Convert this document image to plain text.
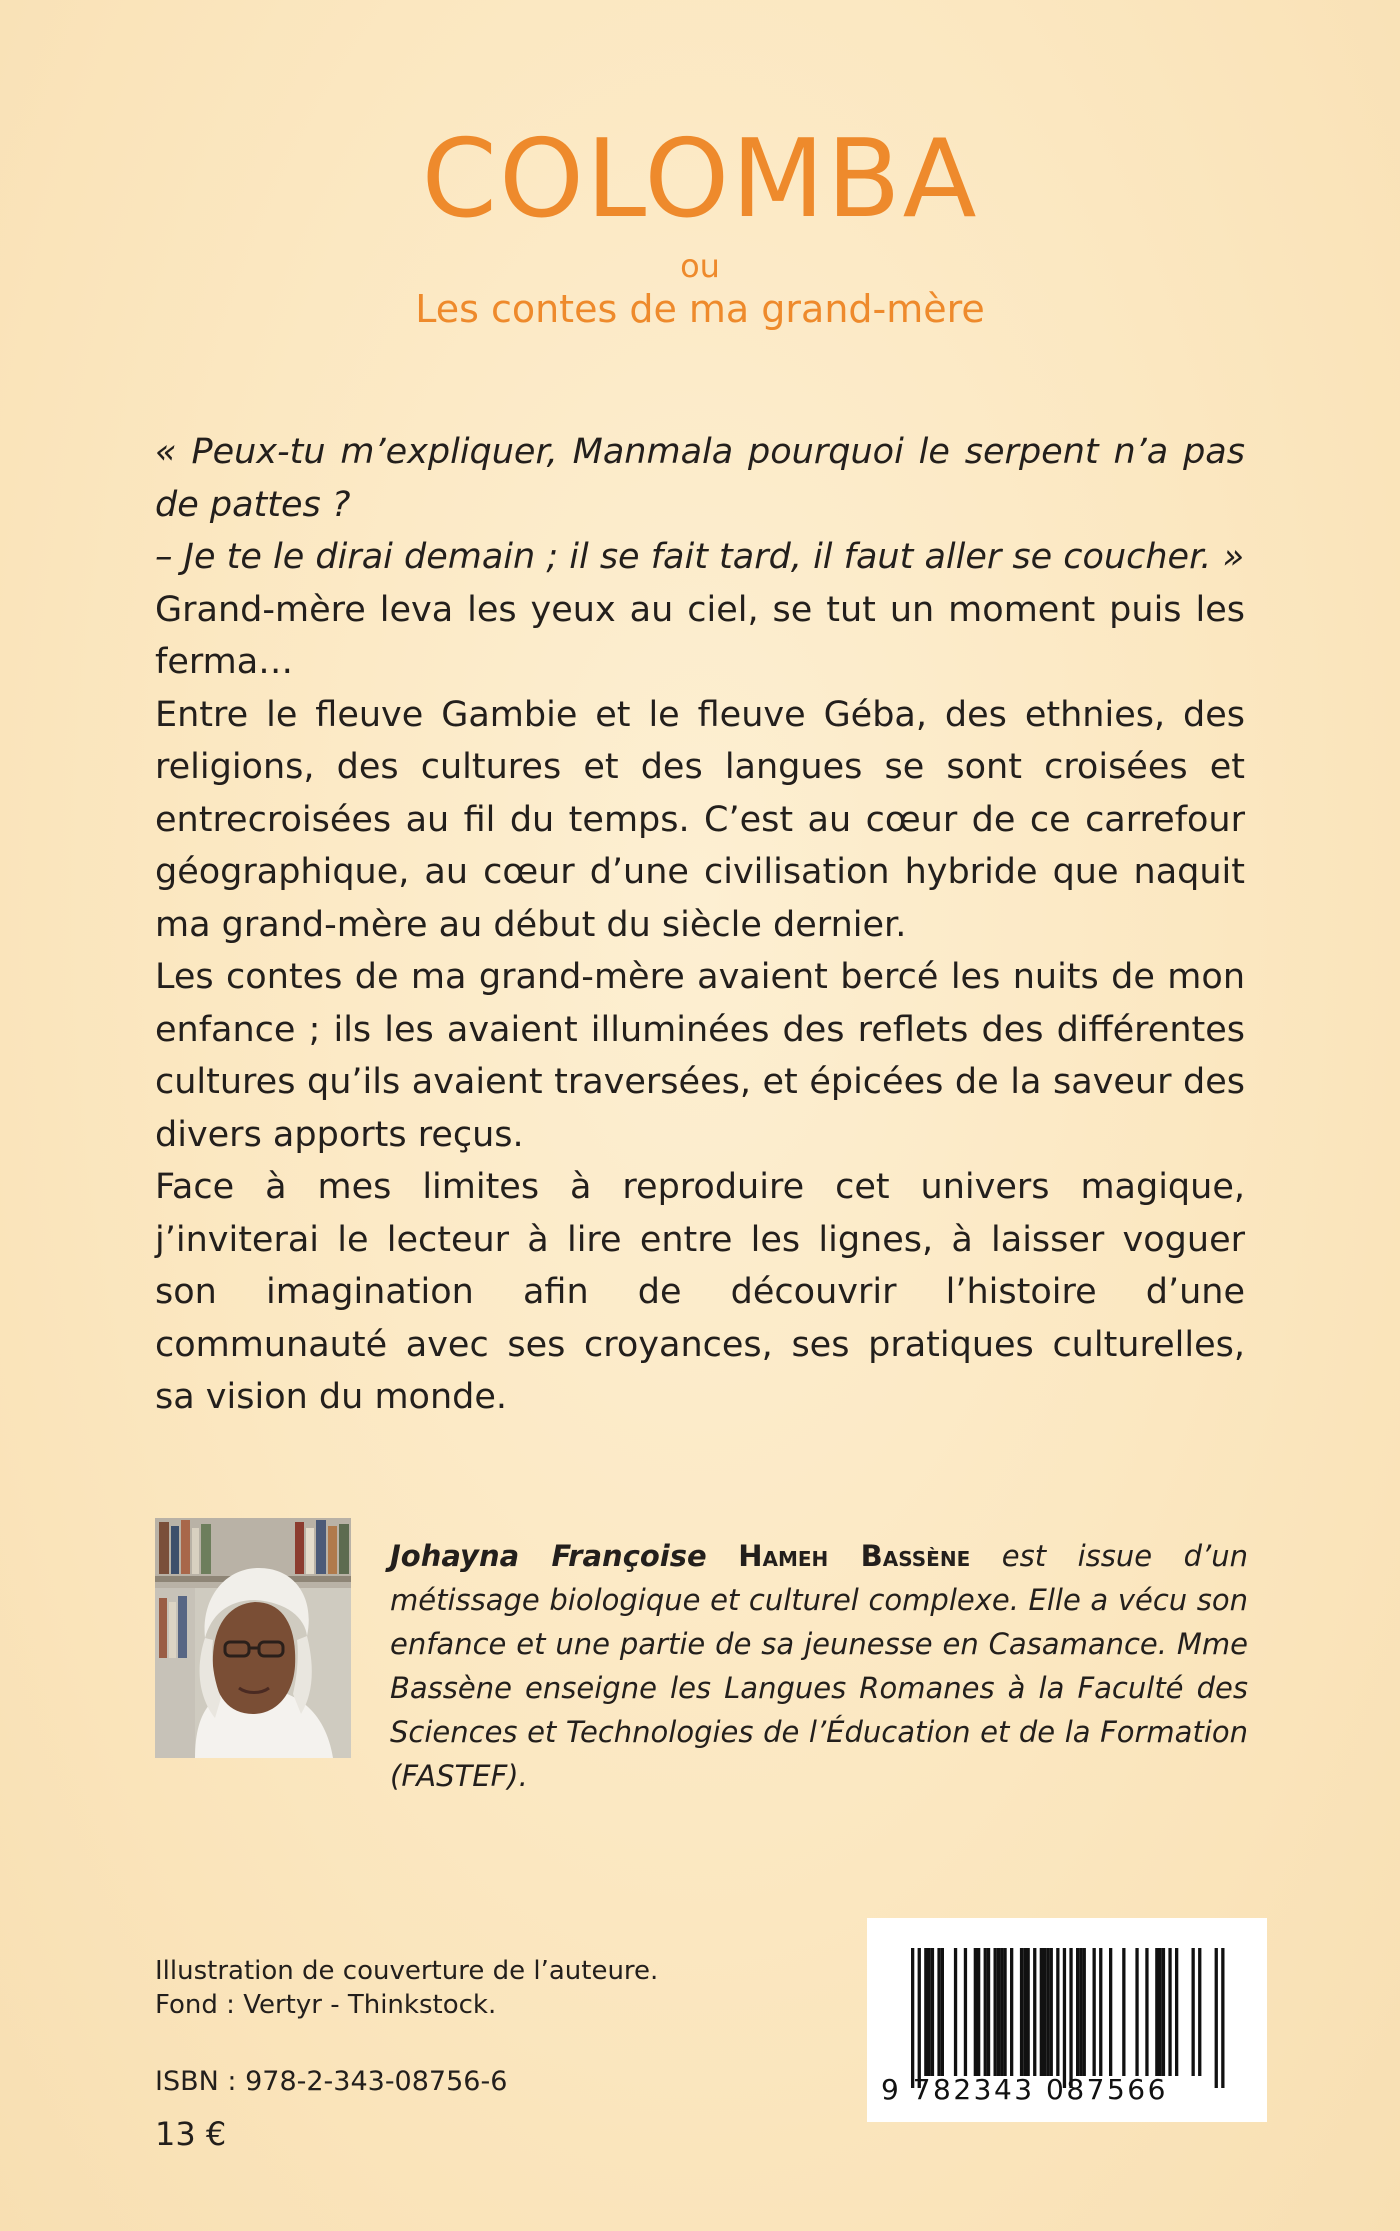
COLOMBA
ou
Les contes de ma grand-mère

« Peux-tu m’expliquer, Manmala pourquoi le serpent n’a pas de pattes ?

– Je te le dirai demain ; il se fait tard, il faut aller se coucher. »

Grand-mère leva les yeux au ciel, se tut un moment puis les ferma…

Entre le fleuve Gambie et le fleuve Géba, des ethnies, des religions, des cultures et des langues se sont croisées et entrecroisées au fil du temps. C’est au cœur de ce carrefour géographique, au cœur d’une civilisation hybride que naquit ma grand-mère au début du siècle dernier.

Les contes de ma grand-mère avaient bercé les nuits de mon enfance ; ils les avaient illuminées des reflets des différentes cultures qu’ils avaient traversées, et épicées de la saveur des divers apports reçus.

Face à mes limites à reproduire cet univers magique, j’inviterai le lecteur à lire entre les lignes, à laisser voguer son imagination afin de découvrir l’histoire d’une communauté avec ses croyances, ses pratiques culturelles, sa vision du monde.

Johayna Françoise Hameh Bassène est issue d’un métissage biologique et culturel complexe. Elle a vécu son enfance et une partie de sa jeunesse en Casamance. Mme Bassène enseigne les Langues Romanes à la Faculté des Sciences et Technologies de l’Éducation et de la Formation (FASTEF).
Illustration de couverture de l’auteure.
Fond : Vertyr - Thinkstock.
ISBN : 978-2-343-08756-6
13 €
9 782343 087566
